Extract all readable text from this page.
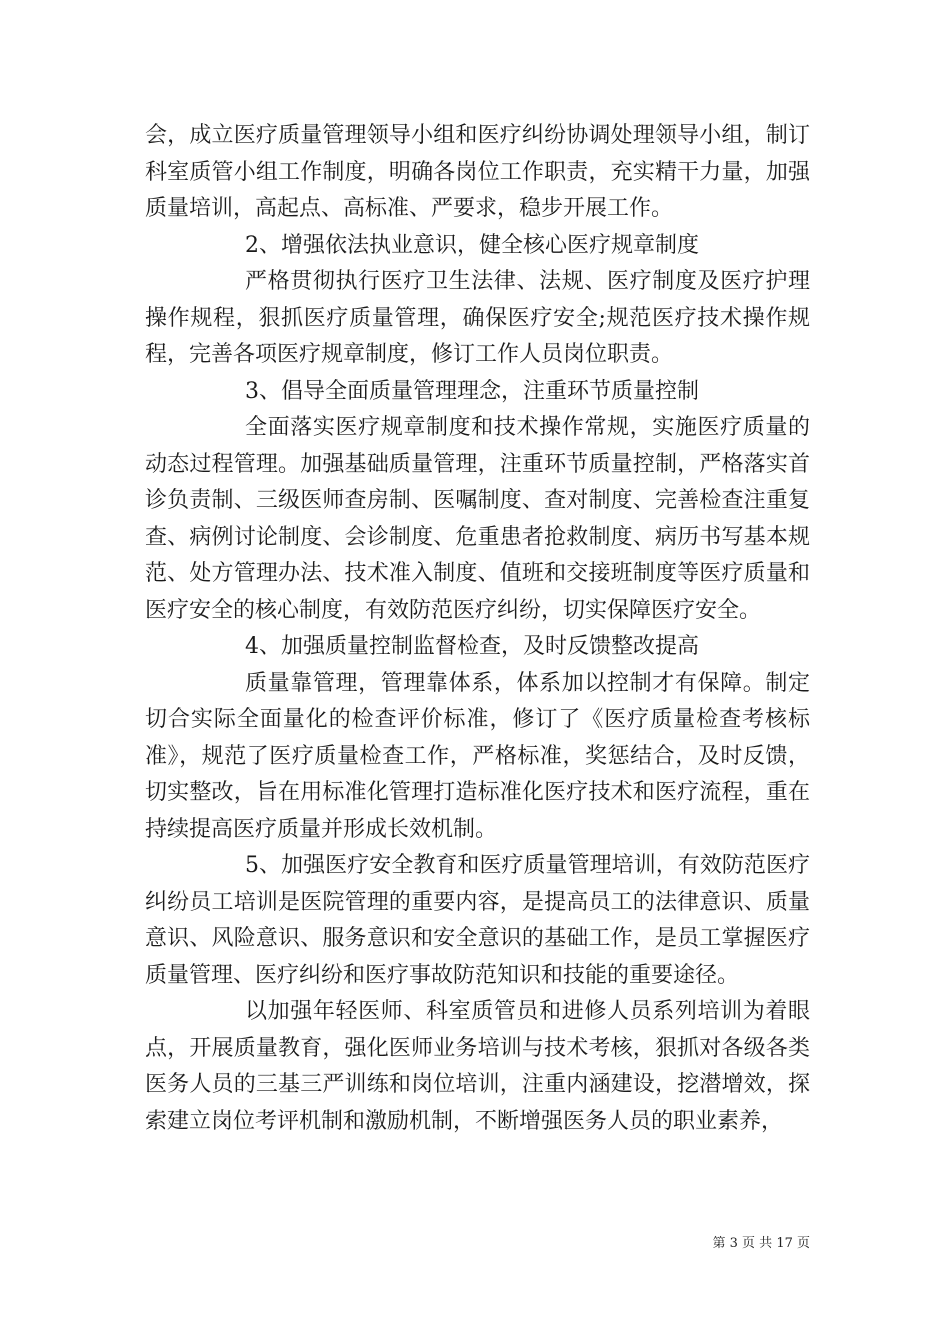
会，成立医疗质量管理领导小组和医疗纠纷协调处理领导小组，制订科室质管小组工作制度，明确各岗位工作职责，充实精干力量，加强质量培训，高起点、高标准、严要求，稳步开展工作。

2、增强依法执业意识，健全核心医疗规章制度

严格贯彻执行医疗卫生法律、法规、医疗制度及医疗护理操作规程，狠抓医疗质量管理，确保医疗安全;规范医疗技术操作规程，完善各项医疗规章制度，修订工作人员岗位职责。

3、倡导全面质量管理理念，注重环节质量控制

全面落实医疗规章制度和技术操作常规，实施医疗质量的动态过程管理。加强基础质量管理，注重环节质量控制，严格落实首诊负责制、三级医师查房制、医嘱制度、查对制度、完善检查注重复查、病例讨论制度、会诊制度、危重患者抢救制度、病历书写基本规范、处方管理办法、技术准入制度、值班和交接班制度等医疗质量和医疗安全的核心制度，有效防范医疗纠纷，切实保障医疗安全。

4、加强质量控制监督检查，及时反馈整改提高

质量靠管理，管理靠体系，体系加以控制才有保障。制定切合实际全面量化的检查评价标准，修订了《医疗质量检查考核标准》，规范了医疗质量检查工作，严格标准，奖惩结合，及时反馈，切实整改，旨在用标准化管理打造标准化医疗技术和医疗流程，重在持续提高医疗质量并形成长效机制。

5、加强医疗安全教育和医疗质量管理培训，有效防范医疗纠纷员工培训是医院管理的重要内容，是提高员工的法律意识、质量意识、风险意识、服务意识和安全意识的基础工作，是员工掌握医疗质量管理、医疗纠纷和医疗事故防范知识和技能的重要途径。

以加强年轻医师、科室质管员和进修人员系列培训为着眼点，开展质量教育，强化医师业务培训与技术考核，狠抓对各级各类医务人员的三基三严训练和岗位培训，注重内涵建设，挖潜增效，探索建立岗位考评机制和激励机制，不断增强医务人员的职业素养，

第 3 页 共 17 页
